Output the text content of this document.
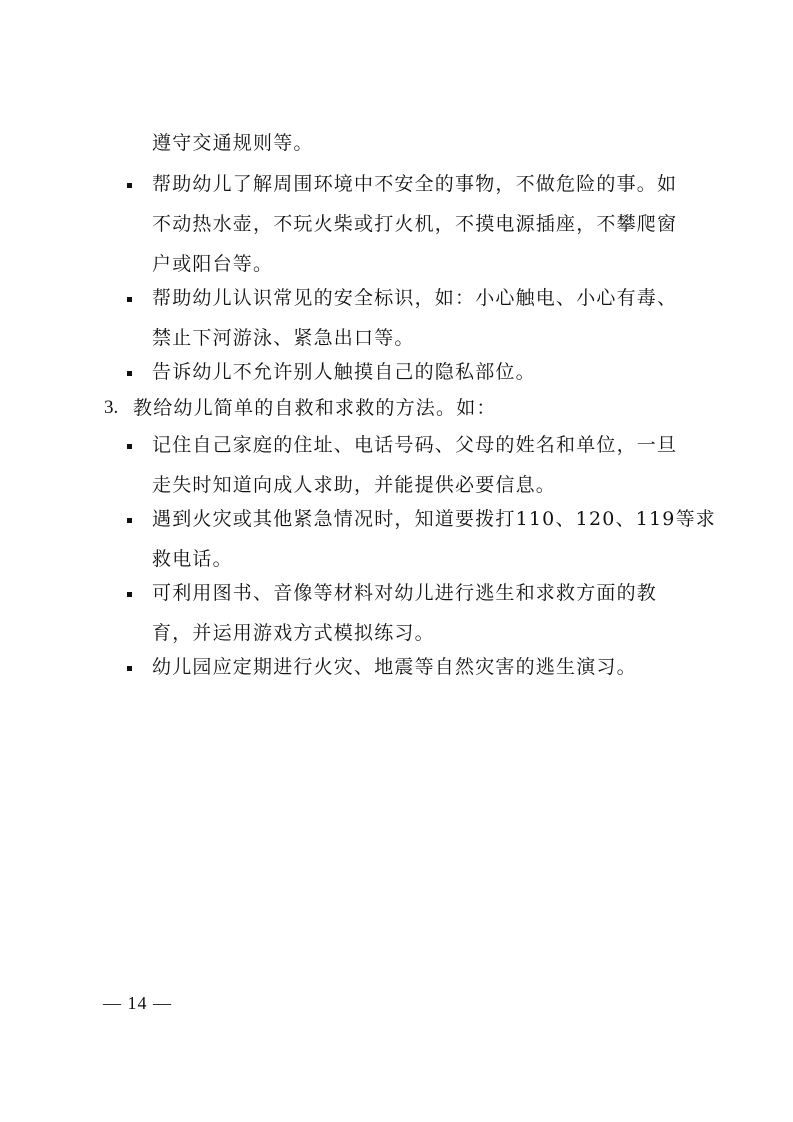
遵守交通规则等。
帮助幼儿了解周围环境中不安全的事物，不做危险的事。如
不动热水壶，不玩火柴或打火机，不摸电源插座，不攀爬窗
户或阳台等。
帮助幼儿认识常见的安全标识，如：小心触电、小心有毒、
禁止下河游泳、紧急出口等。
告诉幼儿不允许别人触摸自己的隐私部位。
3. 教给幼儿简单的自救和求救的方法。如：
记住自己家庭的住址、电话号码、父母的姓名和单位，一旦
走失时知道向成人求助，并能提供必要信息。
遇到火灾或其他紧急情况时，知道要拨打110、120、119等求
救电话。
可利用图书、音像等材料对幼儿进行逃生和求救方面的教
育，并运用游戏方式模拟练习。
幼儿园应定期进行火灾、地震等自然灾害的逃生演习。
— 14 —
